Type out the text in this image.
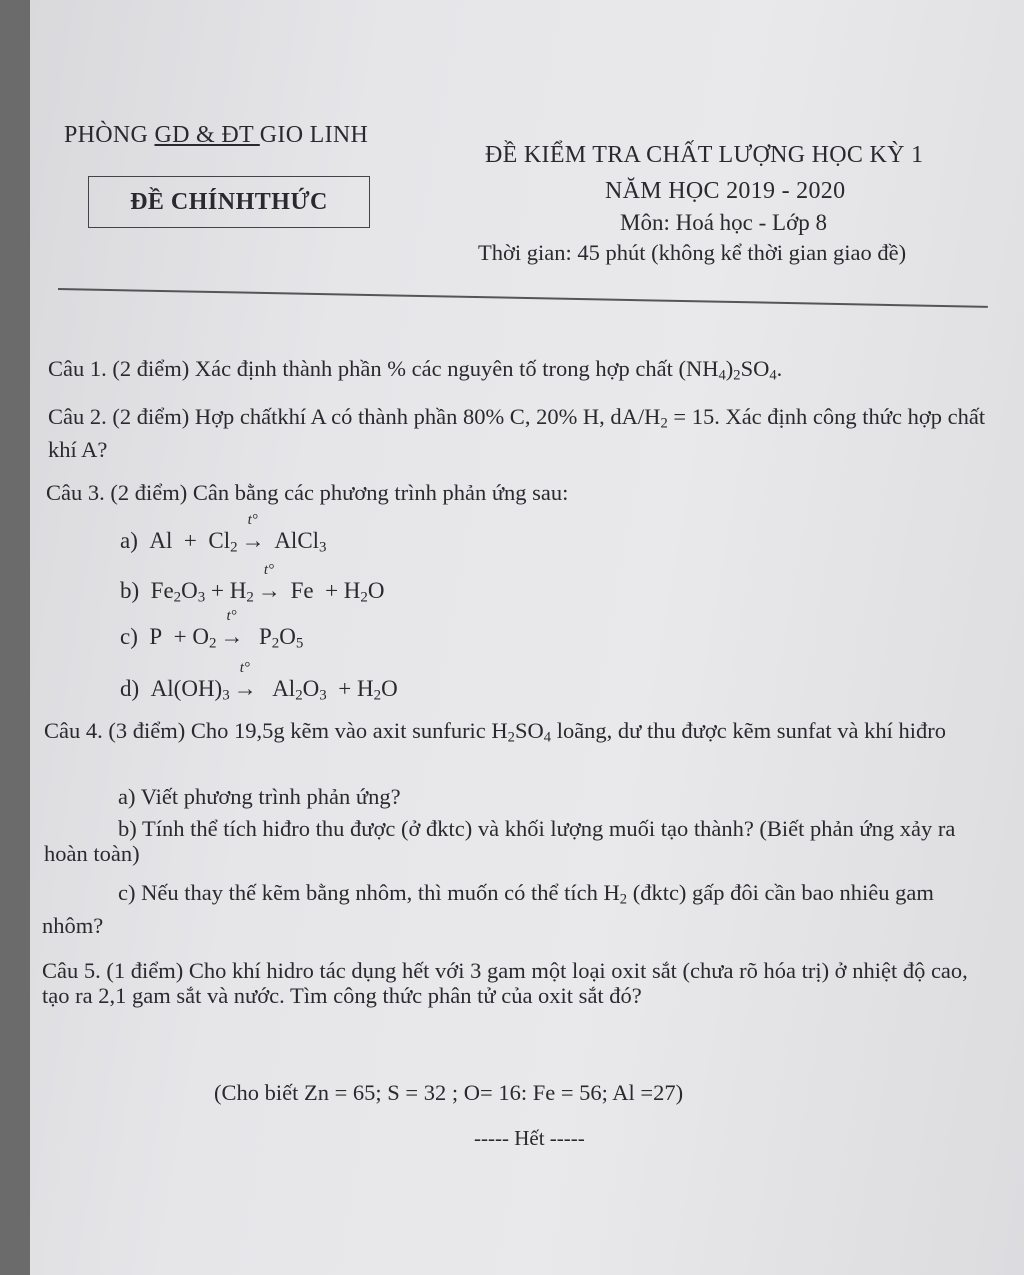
PHÒNG GD & ĐT GIO LINH
ĐỀ CHÍNHTHỨC
ĐỀ KIỂM TRA CHẤT LƯỢNG HỌC KỲ 1
NĂM HỌC 2019 - 2020
Môn: Hoá học - Lớp 8
Thời gian: 45 phút (không kể thời gian giao đề)
Câu 1. (2 điểm) Xác định thành phần % các nguyên tố trong hợp chất $(NH_4)_2SO_4$.
Câu 2. (2 điểm) Hợp chấtkhí A có thành phần 80% C, 20% H, $dA/H_2 = 15$. Xác định công thức hợp chất khí A?
Câu 3. (2 điểm) Cân bằng các phương trình phản ứng sau:
a) $Al + Cl_2$
t°
→ AlCl$_3$
b) $Fe_2O_3 + H_2$
t°
→ $Fe + H_2O$
c) $P + O_2$
t°
→ $P_2O_5$
d) $Al(OH)_3$
t°
→ $Al_2O_3 + H_2O$
Câu 4. (3 điểm) Cho 19,5g kẽm vào axit sunfuric $H_2SO_4$ loãng, dư thu được kẽm sunfat và khí hiđro
a) Viết phương trình phản ứng?
b) Tính thể tích hiđro thu được (ở đktc) và khối lượng muối tạo thành? (Biết phản ứng xảy ra hoàn toàn)
c) Nếu thay thế kẽm bằng nhôm, thì muốn có thể tích $H_2$ (đktc) gấp đôi cần bao nhiêu gam nhôm?
Câu 5. (1 điểm) Cho khí hidro tác dụng hết với 3 gam một loại oxit sắt (chưa rõ hóa trị) ở nhiệt độ cao, tạo ra 2,1 gam sắt và nước. Tìm công thức phân tử của oxit sắt đó?
(Cho biết Zn = 65; S = 32 ; O= 16: Fe = 56; Al =27)
----- Hết -----
